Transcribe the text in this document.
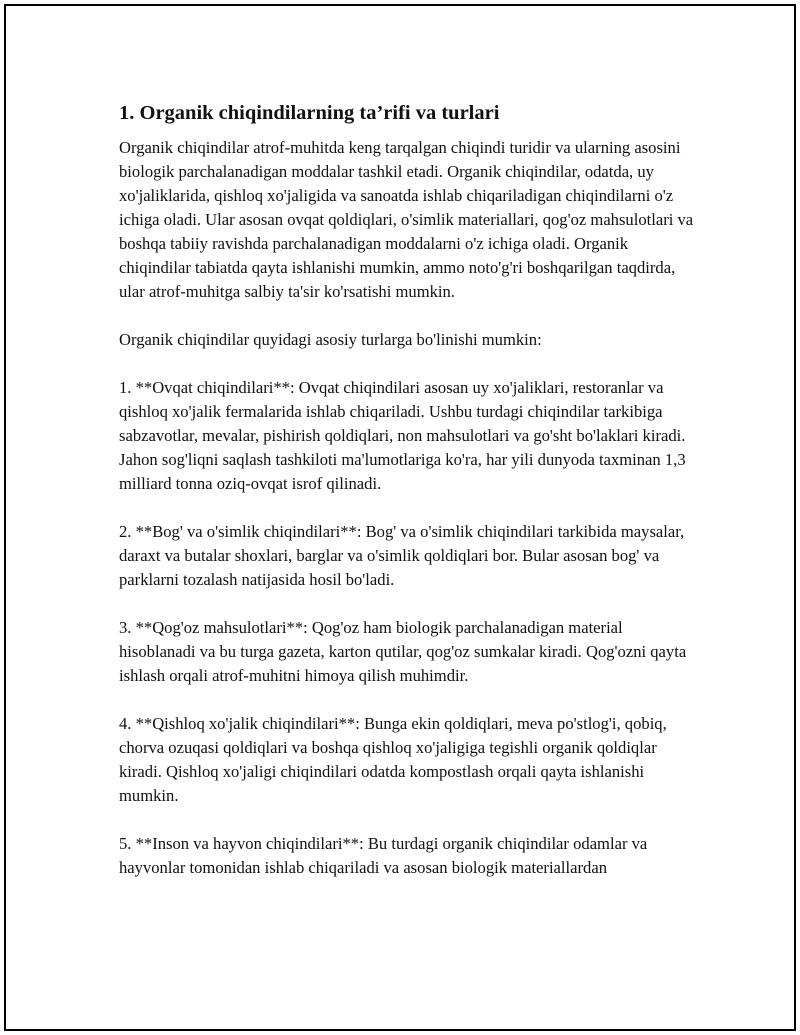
1. Organik chiqindilarning ta’rifi va turlari

Organik chiqindilar atrof-muhitda keng tarqalgan chiqindi turidir va ularning asosini biologik parchalanadigan moddalar tashkil etadi. Organik chiqindilar, odatda, uy xo'jaliklarida, qishloq xo'jaligida va sanoatda ishlab chiqariladigan chiqindilarni o'z ichiga oladi. Ular asosan ovqat qoldiqlari, o'simlik materiallari, qog'oz mahsulotlari va boshqa tabiiy ravishda parchalanadigan moddalarni o'z ichiga oladi. Organik chiqindilar tabiatda qayta ishlanishi mumkin, ammo noto'g'ri boshqarilgan taqdirda, ular atrof-muhitga salbiy ta'sir ko'rsatishi mumkin.

Organik chiqindilar quyidagi asosiy turlarga bo'linishi mumkin:

1. **Ovqat chiqindilari**: Ovqat chiqindilari asosan uy xo'jaliklari, restoranlar va qishloq xo'jalik fermalarida ishlab chiqariladi. Ushbu turdagi chiqindilar tarkibiga sabzavotlar, mevalar, pishirish qoldiqlari, non mahsulotlari va go'sht bo'laklari kiradi. Jahon sog'liqni saqlash tashkiloti ma'lumotlariga ko'ra, har yili dunyoda taxminan 1,3 milliard tonna oziq-ovqat isrof qilinadi.

2. **Bog' va o'simlik chiqindilari**: Bog' va o'simlik chiqindilari tarkibida maysalar, daraxt va butalar shoxlari, barglar va o'simlik qoldiqlari bor. Bular asosan bog' va parklarni tozalash natijasida hosil bo'ladi.

3. **Qog'oz mahsulotlari**: Qog'oz ham biologik parchalanadigan material hisoblanadi va bu turga gazeta, karton qutilar, qog'oz sumkalar kiradi. Qog'ozni qayta ishlash orqali atrof-muhitni himoya qilish muhimdir.

4. **Qishloq xo'jalik chiqindilari**: Bunga ekin qoldiqlari, meva po'stlog'i, qobiq, chorva ozuqasi qoldiqlari va boshqa qishloq xo'jaligiga tegishli organik qoldiqlar kiradi. Qishloq xo'jaligi chiqindilari odatda kompostlash orqali qayta ishlanishi mumkin.

5. **Inson va hayvon chiqindilari**: Bu turdagi organik chiqindilar odamlar va hayvonlar tomonidan ishlab chiqariladi va asosan biologik materiallardan
